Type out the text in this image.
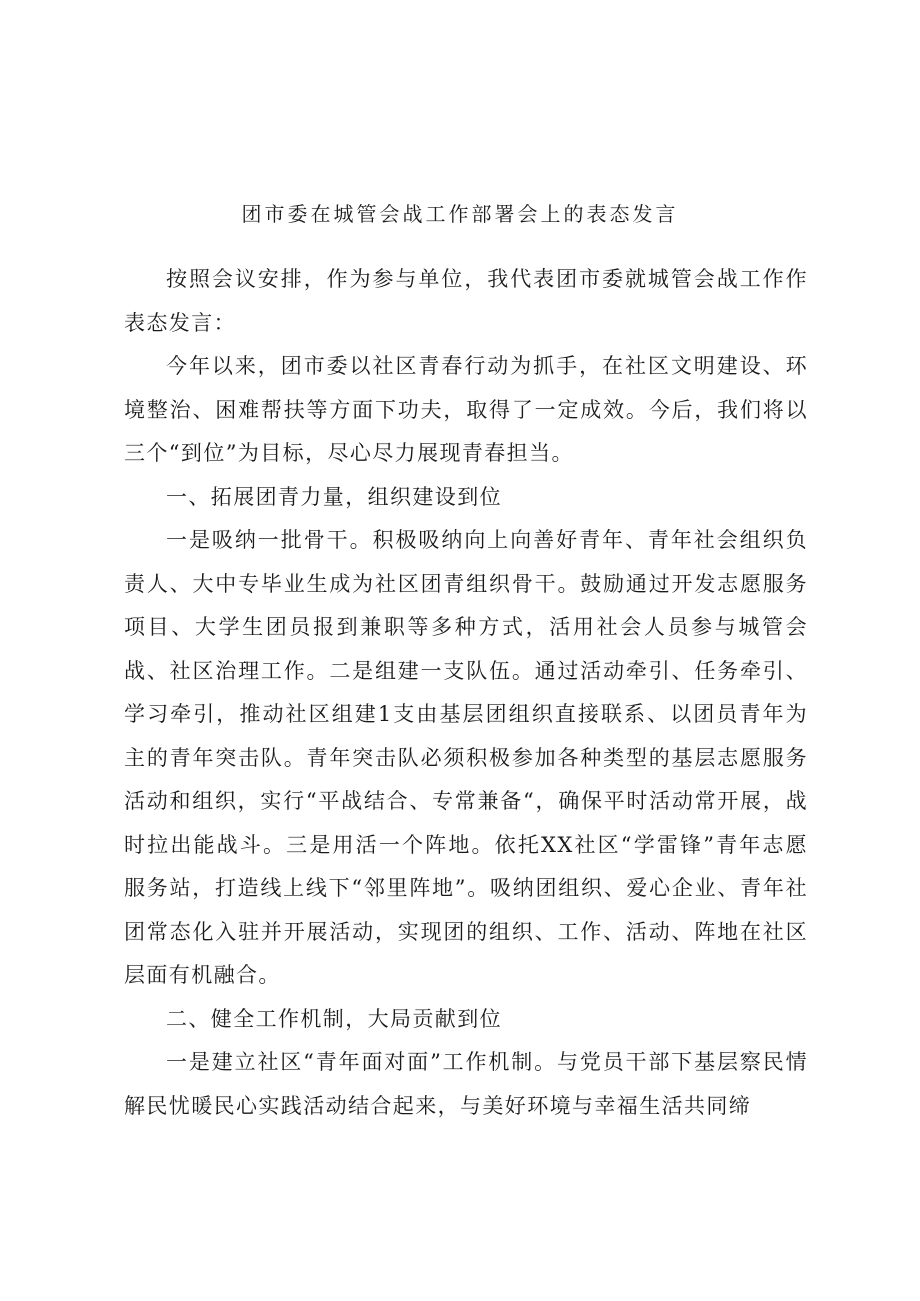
团市委在城管会战工作部署会上的表态发言

按照会议安排，作为参与单位，我代表团市委就城管会战工作作表态发言：

今年以来，团市委以社区青春行动为抓手，在社区文明建设、环境整治、困难帮扶等方面下功夫，取得了一定成效。今后，我们将以三个“到位”为目标，尽心尽力展现青春担当。

一、拓展团青力量，组织建设到位

一是吸纳一批骨干。积极吸纳向上向善好青年、青年社会组织负责人、大中专毕业生成为社区团青组织骨干。鼓励通过开发志愿服务项目、大学生团员报到兼职等多种方式，活用社会人员参与城管会战、社区治理工作。二是组建一支队伍。通过活动牵引、任务牵引、学习牵引，推动社区组建1支由基层团组织直接联系、以团员青年为主的青年突击队。青年突击队必须积极参加各种类型的基层志愿服务活动和组织，实行“平战结合、专常兼备“，确保平时活动常开展，战时拉出能战斗。三是用活一个阵地。依托XX社区“学雷锋”青年志愿服务站，打造线上线下“邻里阵地”。吸纳团组织、爱心企业、青年社团常态化入驻并开展活动，实现团的组织、工作、活动、阵地在社区层面有机融合。

二、健全工作机制，大局贡献到位

一是建立社区“青年面对面”工作机制。与党员干部下基层察民情解民忧暖民心实践活动结合起来，与美好环境与幸福生活共同缔
